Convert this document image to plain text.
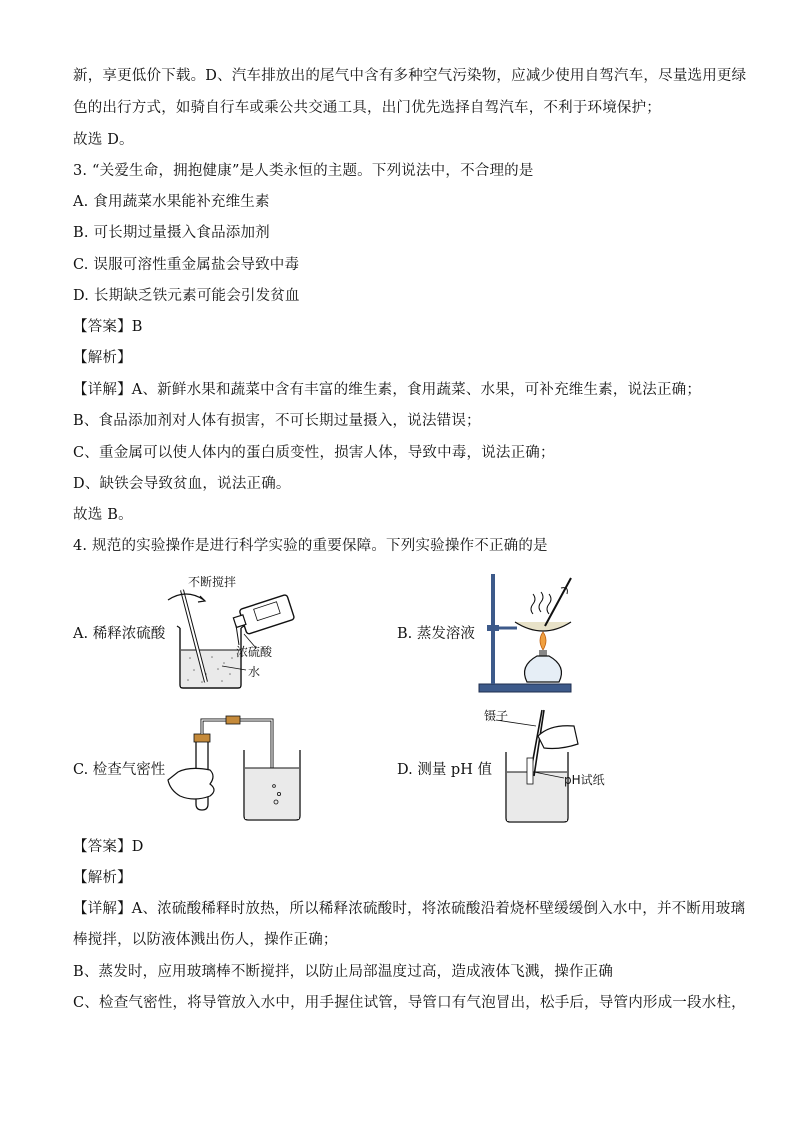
新，享更低价下载。D、汽车排放出的尾气中含有多种空气污染物，应减少使用自驾汽车，尽量选用更绿
色的出行方式，如骑自行车或乘公共交通工具，出门优先选择自驾汽车，不利于环境保护；
故选 D。
3. “关爱生命，拥抱健康”是人类永恒的主题。下列说法中，不合理的是
A. 食用蔬菜水果能补充维生素
B. 可长期过量摄入食品添加剂
C. 误服可溶性重金属盐会导致中毒
D. 长期缺乏铁元素可能会引发贫血
【答案】B
【解析】
【详解】A、新鲜水果和蔬菜中含有丰富的维生素，食用蔬菜、水果，可补充维生素，说法正确；
B、食品添加剂对人体有损害，不可长期过量摄入，说法错误；
C、重金属可以使人体内的蛋白质变性，损害人体，导致中毒，说法正确；
D、缺铁会导致贫血，说法正确。
故选 B。
4. 规范的实验操作是进行科学实验的重要保障。下列实验操作不正确的是
A. 稀释浓硫酸
不断搅拌
浓硫酸
水
B. 蒸发溶液
C. 检查气密性	D. 测量 pH 值
镊子
pH试纸
【答案】D
【解析】
【详解】A、浓硫酸稀释时放热，所以稀释浓硫酸时，将浓硫酸沿着烧杯壁缓缓倒入水中，并不断用玻璃
棒搅拌，以防液体溅出伤人，操作正确；
B、蒸发时，应用玻璃棒不断搅拌，以防止局部温度过高，造成液体飞溅，操作正确
C、检查气密性，将导管放入水中，用手握住试管，导管口有气泡冒出，松手后，导管内形成一段水柱，
